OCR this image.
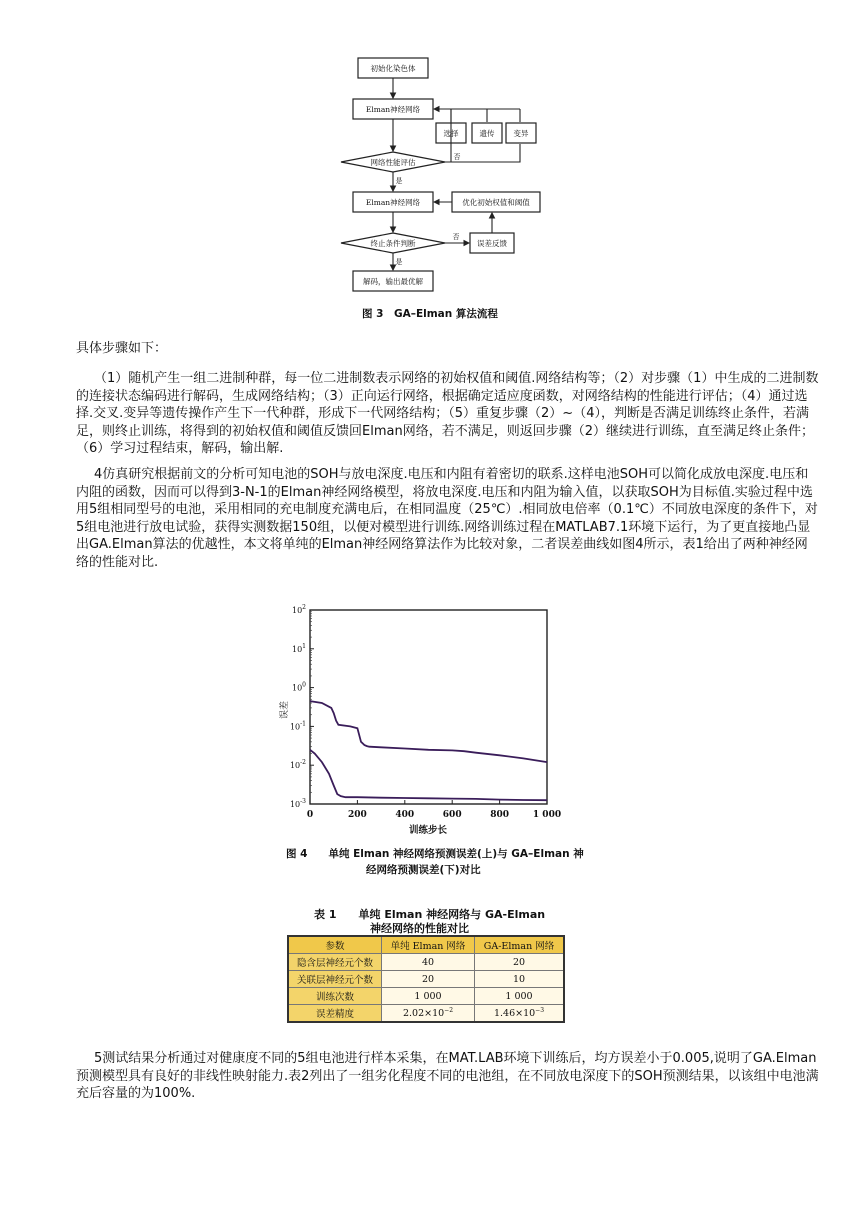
初始化染色体
Elman神经网络
选择	遗传	变异
网络性能评估
Elman神经网络	优化初始权值和阈值
终止条件判断	误差反馈
解码，输出最优解
否
是
否
是
图 3　GA–Elman 算法流程
具体步骤如下：
（1）随机产生一组二进制种群，每一位二进制数表示网络的初始权值和阈值.网络结构等；（2）对步骤（1）中生成的二进制数的连接状态编码进行解码，生成网络结构；（3）正向运行网络，根据确定适应度函数，对网络结构的性能进行评估；（4）通过选择.交叉.变异等遗传操作产生下一代种群，形成下一代网络结构；（5）重复步骤（2）~（4），判断是否满足训练终止条件，若满足，则终止训练，将得到的初始权值和阈值反馈回Elman网络，若不满足，则返回步骤（2）继续进行训练，直至满足终止条件；（6）学习过程结束，解码，输出解.
4仿真研究根据前文的分析可知电池的SOH与放电深度.电压和内阻有着密切的联系.这样电池SOH可以简化成放电深度.电压和内阻的函数，因而可以得到3-N-1的Elman神经网络模型，将放电深度.电压和内阻为输入值，以获取SOH为目标值.实验过程中选用5组相同型号的电池，采用相同的充电制度充满电后，在相同温度（25℃）.相同放电倍率（0.1℃）不同放电深度的条件下，对5组电池进行放电试验，获得实测数据150组，以便对模型进行训练.网络训练过程在MATLAB7.1环境下运行，为了更直接地凸显出GA.Elman算法的优越性，本文将单纯的Elman神经网络算法作为比较对象，二者误差曲线如图4所示，表1给出了两种神经网络的性能对比.
0	200	400	600	800	1 000
$10^2$
$10^1$
$10^0$
$10^{-1}$
$10^{-2}$
$10^{-3}$
误差
训练步长
图 4　　单纯 Elman 神经网络预测误差(上)与 GA–Elman 神
经网络预测误差(下)对比
表 1　　单纯 Elman 神经网络与 GA-Elman
神经网络的性能对比
参数	单纯 Elman 网络	GA-Elman 网络
隐含层神经元个数	40	20
关联层神经元个数	20	10
训练次数	1 000	1 000
误差精度	$2.02\times 10^{-2}$	$1.46\times 10^{-3}$
5测试结果分析通过对健康度不同的5组电池进行样本采集，在MAT.LAB环境下训练后，均方误差小于0.005,说明了GA.Elman预测模型具有良好的非线性映射能力.表2列出了一组劣化程度不同的电池组，在不同放电深度下的SOH预测结果，以该组中电池满充后容量的为100%.
